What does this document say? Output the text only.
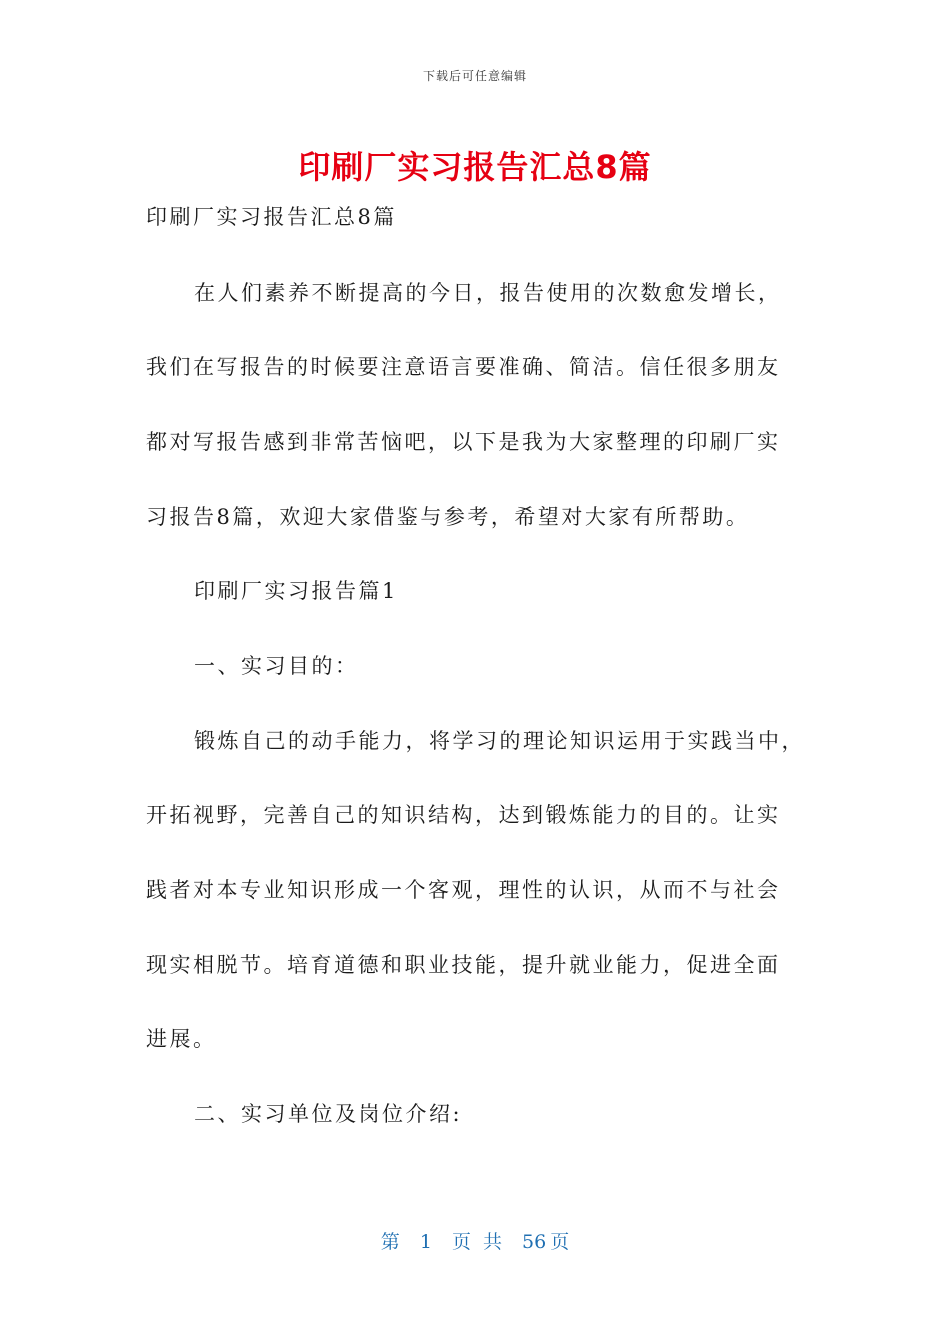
下载后可任意编辑
印刷厂实习报告汇总8篇
印刷厂实习报告汇总8篇
在人们素养不断提高的今日，报告使用的次数愈发增长，
我们在写报告的时候要注意语言要准确、简洁。信任很多朋友
都对写报告感到非常苦恼吧，以下是我为大家整理的印刷厂实
习报告8篇，欢迎大家借鉴与参考，希望对大家有所帮助。
印刷厂实习报告篇1
一、实习目的：
锻炼自己的动手能力，将学习的理论知识运用于实践当中，
开拓视野，完善自己的知识结构，达到锻炼能力的目的。让实
践者对本专业知识形成一个客观，理性的认识，从而不与社会
现实相脱节。培育道德和职业技能，提升就业能力，促进全面
进展。
二、实习单位及岗位介绍:
第 1 页 共 56 页
